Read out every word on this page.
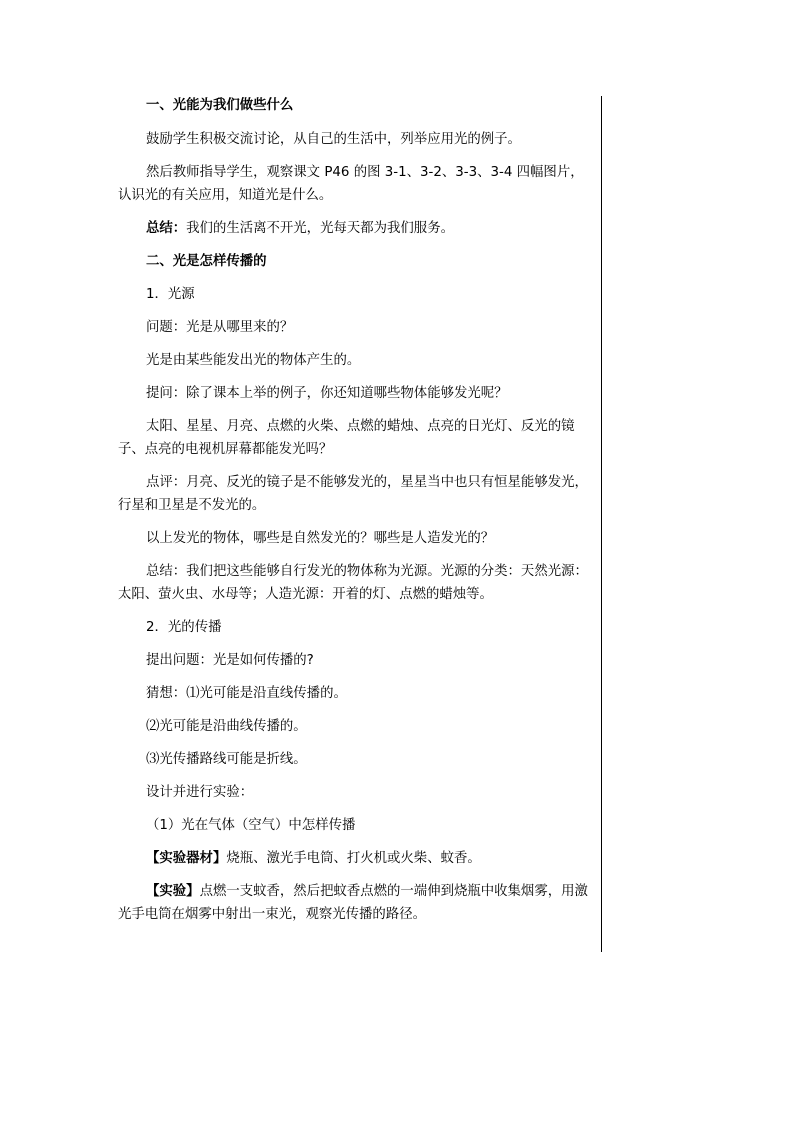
一、光能为我们做些什么

鼓励学生积极交流讨论，从自己的生活中，列举应用光的例子。

然后教师指导学生，观察课文 P46 的图 3-1、3-2、3-3、3-4 四幅图片，认识光的有关应用，知道光是什么。

总结：我们的生活离不开光，光每天都为我们服务。

二、光是怎样传播的

1．光源

问题：光是从哪里来的？

光是由某些能发出光的物体产生的。

提问：除了课本上举的例子，你还知道哪些物体能够发光呢？

太阳、星星、月亮、点燃的火柴、点燃的蜡烛、点亮的日光灯、反光的镜子、点亮的电视机屏幕都能发光吗？

点评：月亮、反光的镜子是不能够发光的，星星当中也只有恒星能够发光，行星和卫星是不发光的。

以上发光的物体，哪些是自然发光的？哪些是人造发光的？

总结：我们把这些能够自行发光的物体称为光源。光源的分类：天然光源：太阳、萤火虫、水母等；人造光源：开着的灯、点燃的蜡烛等。

2．光的传播

提出问题：光是如何传播的?

猜想：⑴光可能是沿直线传播的。

⑵光可能是沿曲线传播的。

⑶光传播路线可能是折线。

设计并进行实验：

（1）光在气体（空气）中怎样传播

【实验器材】烧瓶、激光手电筒、打火机或火柴、蚊香。

【实验】点燃一支蚊香，然后把蚊香点燃的一端伸到烧瓶中收集烟雾，用激光手电筒在烟雾中射出一束光，观察光传播的路径。
